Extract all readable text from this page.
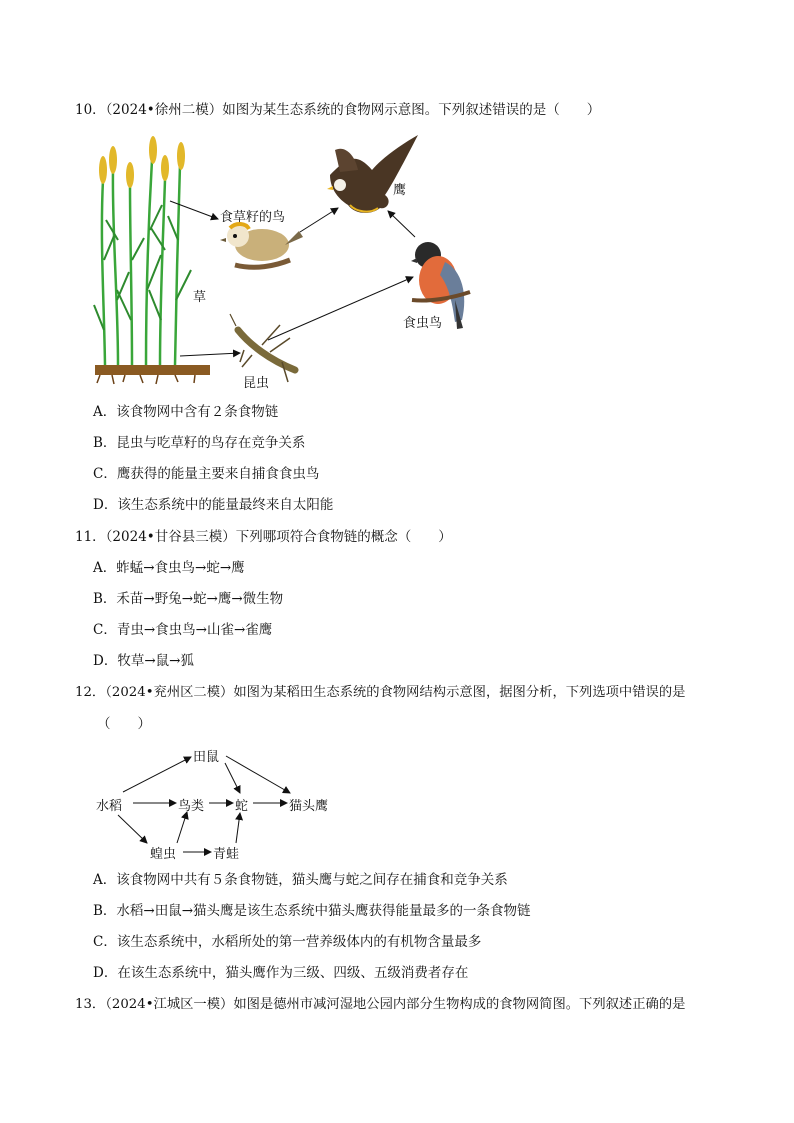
10．（2024•徐州二模）如图为某生态系统的食物网示意图。下列叙述错误的是（　　）
鹰
食草籽的鸟
草
食虫鸟
昆虫
A．该食物网中含有２条食物链
B．昆虫与吃草籽的鸟存在竞争关系
C．鹰获得的能量主要来自捕食食虫鸟
D．该生态系统中的能量最终来自太阳能
11．（2024•甘谷县三模）下列哪项符合食物链的概念（　　）
A．蚱蜢→食虫鸟→蛇→鹰
B．禾苗→野兔→蛇→鹰→微生物
C．青虫→食虫鸟→山雀→雀鹰
D．牧草→鼠→狐
12．（2024•兖州区二模）如图为某稻田生态系统的食物网结构示意图，据图分析，下列选项中错误的是
（　　）
田鼠
水稻	鸟类 蛇	猫头鹰
蝗虫	青蛙
A．该食物网中共有５条食物链，猫头鹰与蛇之间存在捕食和竞争关系
B．水稻→田鼠→猫头鹰是该生态系统中猫头鹰获得能量最多的一条食物链
C．该生态系统中，水稻所处的第一营养级体内的有机物含量最多
D．在该生态系统中，猫头鹰作为三级、四级、五级消费者存在
13．（2024•江城区一模）如图是德州市减河湿地公园内部分生物构成的食物网简图。下列叙述正确的是
